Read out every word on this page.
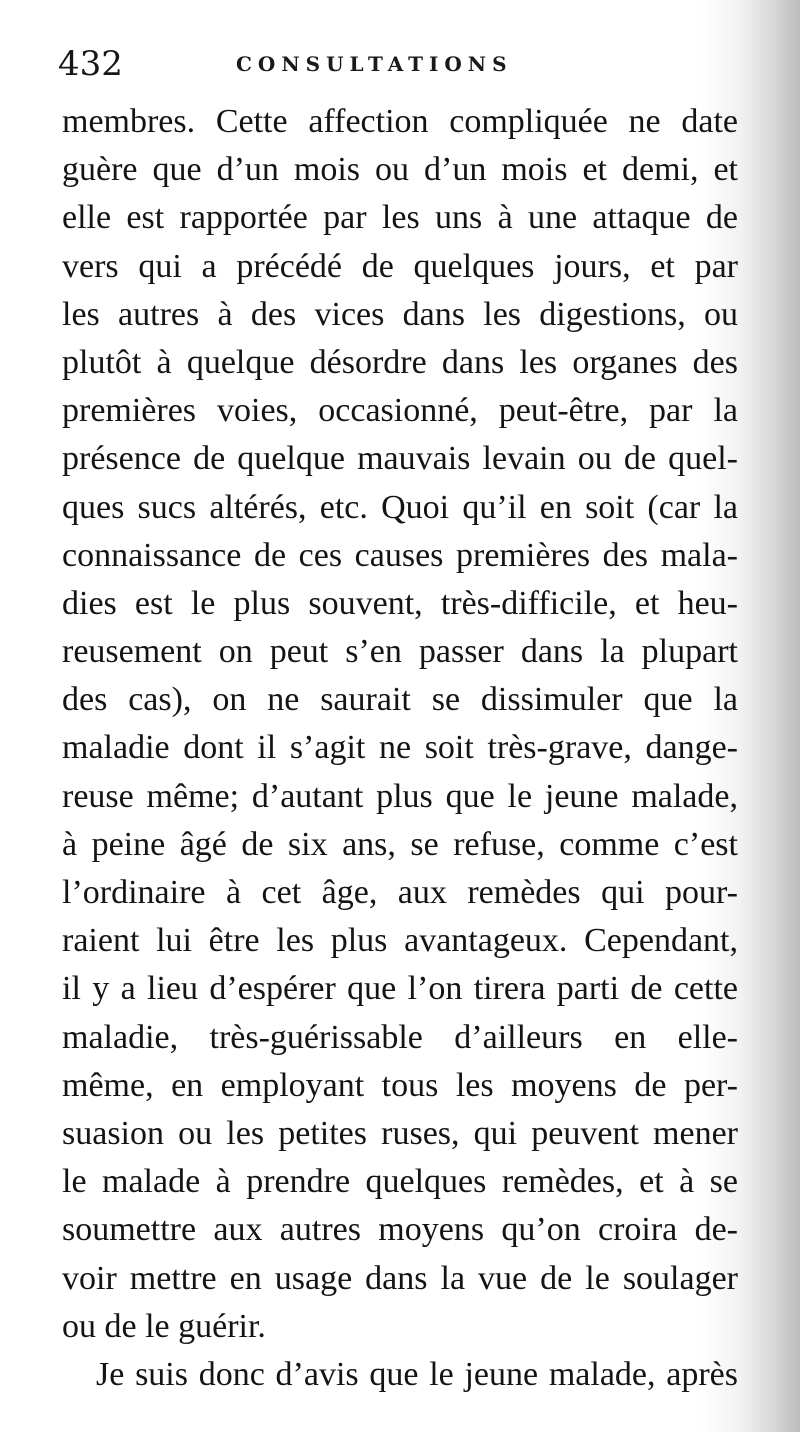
432	CONSULTATIONS
membres. Cette affection compliquée ne date
guère que d’un mois ou d’un mois et demi, et
elle est rapportée par les uns à une attaque de
vers qui a précédé de quelques jours, et par
les autres à des vices dans les digestions, ou
plutôt à quelque désordre dans les organes des
premières voies, occasionné, peut-être, par la
présence de quelque mauvais levain ou de quel-
ques sucs altérés, etc. Quoi qu’il en soit (car la
connaissance de ces causes premières des mala-
dies est le plus souvent, très-difficile, et heu-
reusement on peut s’en passer dans la plupart
des cas), on ne saurait se dissimuler que la
maladie dont il s’agit ne soit très-grave, dange-
reuse même; d’autant plus que le jeune malade,
à peine âgé de six ans, se refuse, comme c’est
l’ordinaire à cet âge, aux remèdes qui pour-
raient lui être les plus avantageux. Cependant,
il y a lieu d’espérer que l’on tirera parti de cette
maladie, très-guérissable d’ailleurs en elle-
même, en employant tous les moyens de per-
suasion ou les petites ruses, qui peuvent mener
le malade à prendre quelques remèdes, et à se
soumettre aux autres moyens qu’on croira de-
voir mettre en usage dans la vue de le soulager
ou de le guérir.
Je suis donc d’avis que le jeune malade, après
